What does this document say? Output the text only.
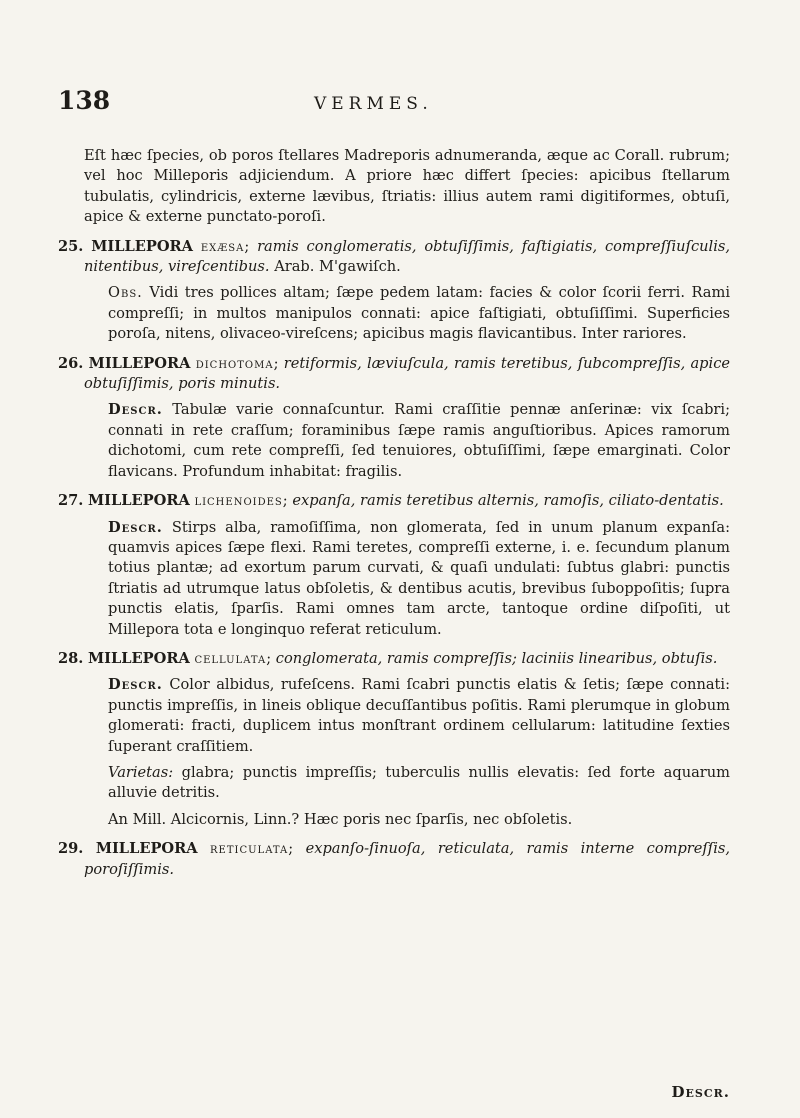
138	VERMES.

Eſt hæc ſpecies, ob poros ſtellares Madreporis adnumeranda, æque ac Corall. rubrum; vel hoc Milleporis adjiciendum. A priore hæc differt ſpecies: apicibus ſtellarum tubulatis, cylindricis, externe lævibus, ſtriatis: illius autem rami digitiformes, obtuſi, apice & externe punctato-poroſi.

25. MILLEPORA exæsa; ramis conglomeratis, obtuſiſſimis, faſtigiatis, compreſſiuſculis, nitentibus, vireſcentibus. Arab. M'gawiſch.

Obs. Vidi tres pollices altam; ſæpe pedem latam: facies & color ſcorii ferri. Rami compreſſi; in multos manipulos connati: apice faſtigiati, obtuſiſſimi. Superficies poroſa, nitens, olivaceo-vireſcens; apicibus magis flavicantibus. Inter rariores.

26. MILLEPORA dichotoma; retiformis, læviuſcula, ramis teretibus, ſubcompreſſis, apice obtuſiſſimis, poris minutis.

Descr. Tabulæ varie connaſcuntur. Rami craſſitie pennæ anſerinæ: vix ſcabri; connati in rete craſſum; foraminibus ſæpe ramis anguſtioribus. Apices ramorum dichotomi, cum rete compreſſi, ſed tenuiores, obtuſiſſimi, ſæpe emarginati. Color flavicans. Profundum inhabitat: fragilis.

27. MILLEPORA lichenoides; expanſa, ramis teretibus alternis, ramoſis, ciliato-dentatis.

Descr. Stirps alba, ramoſiſſima, non glomerata, ſed in unum planum expanſa: quamvis apices ſæpe flexi. Rami teretes, compreſſi externe, i. e. ſecundum planum totius plantæ; ad exortum parum curvati, & quaſi undulati: ſubtus glabri: punctis ſtriatis ad utrumque latus obſoletis, & dentibus acutis, brevibus ſuboppoſitis; ſupra punctis elatis, ſparſis. Rami omnes tam arcte, tantoque ordine diſpoſiti, ut Millepora tota e longinquo referat reticulum.

28. MILLEPORA cellulata; conglomerata, ramis compreſſis; laciniis linearibus, obtuſis.

Descr. Color albidus, rufeſcens. Rami ſcabri punctis elatis & ſetis; ſæpe connati: punctis impreſſis, in lineis oblique decuſſantibus poſitis. Rami plerumque in globum glomerati: fracti, duplicem intus monſtrant ordinem cellularum: latitudine ſexties ſuperant craſſitiem.

Varietas: glabra; punctis impreſſis; tuberculis nullis elevatis: ſed forte aquarum alluvie detritis.

An Mill. Alcicornis, Linn.? Hæc poris nec ſparſis, nec obſoletis.

29. MILLEPORA reticulata; expanſo-ſinuoſa, reticulata, ramis interne compreſſis, poroſiſſimis.

Descr.
